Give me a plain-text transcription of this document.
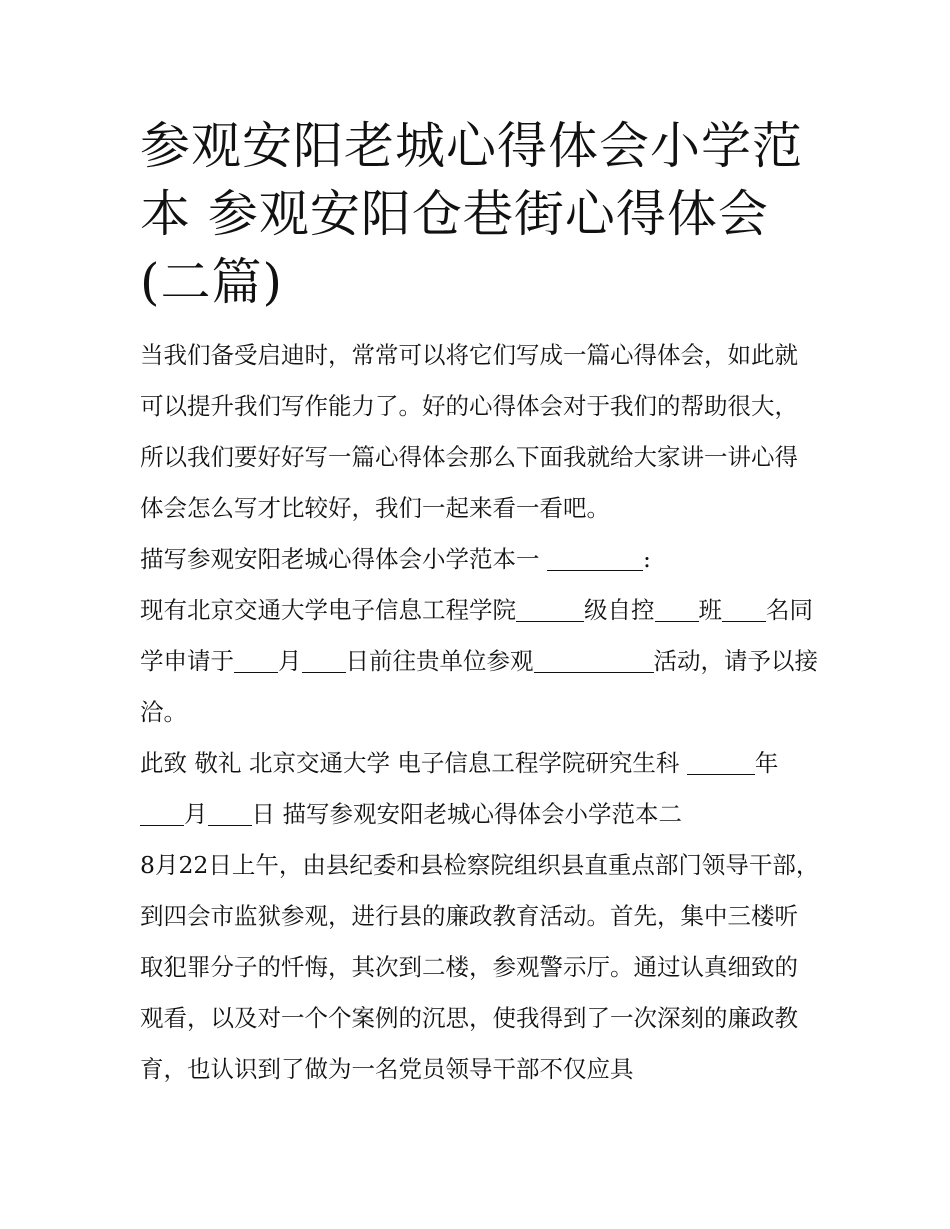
参观安阳老城心得体会小学范本 参观安阳仓巷街心得体会(二篇)

当我们备受启迪时，常常可以将它们写成一篇心得体会，如此就可以提升我们写作能力了。好的心得体会对于我们的帮助很大，所以我们要好好写一篇心得体会那么下面我就给大家讲一讲心得体会怎么写才比较好，我们一起来看一看吧。

描写参观安阳老城心得体会小学范本一	:

现有北京交通大学电子信息工程学院	级自控 班 名同学申请于 月 日前往贵单位参观	活动，请予以接洽。

此致 敬礼 北京交通大学 电子信息工程学院研究生科	年月 日 描写参观安阳老城心得体会小学范本二

8月22日上午，由县纪委和县检察院组织县直重点部门领导干部，到四会市监狱参观，进行县的廉政教育活动。首先，集中三楼听取犯罪分子的忏悔，其次到二楼，参观警示厅。通过认真细致的观看，以及对一个个案例的沉思，使我得到了一次深刻的廉政教育，也认识到了做为一名党员领导干部不仅应具
